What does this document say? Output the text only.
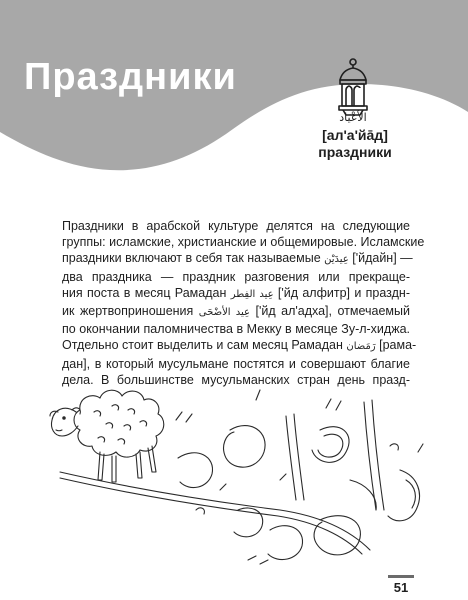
Праздники
الأعْيَاد
[ал'а'йа̄д]
праздники
Праздники в арабской культуре делятся на следующие
группы: исламские, христианские и общемировые. Исламские
праздники включают в себя так называемые عِيدَيْن ['йдайн] —
два праздника — праздник разговения или прекраще-
ния поста в месяц Рамадан عِيد الفِطر ['йд алфитр] и праздн-
ик жертвоприношения عِيد الأضْحَى ['йд ал'адха], отмечаемый
по окончании паломничества в Мекку в месяце Зу-л-хиджа.
Отдельно стоит выделить и сам месяц Рамадан رَمَضان [рама-
дан], в который мусульмане постятся и совершают благие
дела. В большинстве мусульманских стран день празд-
51
